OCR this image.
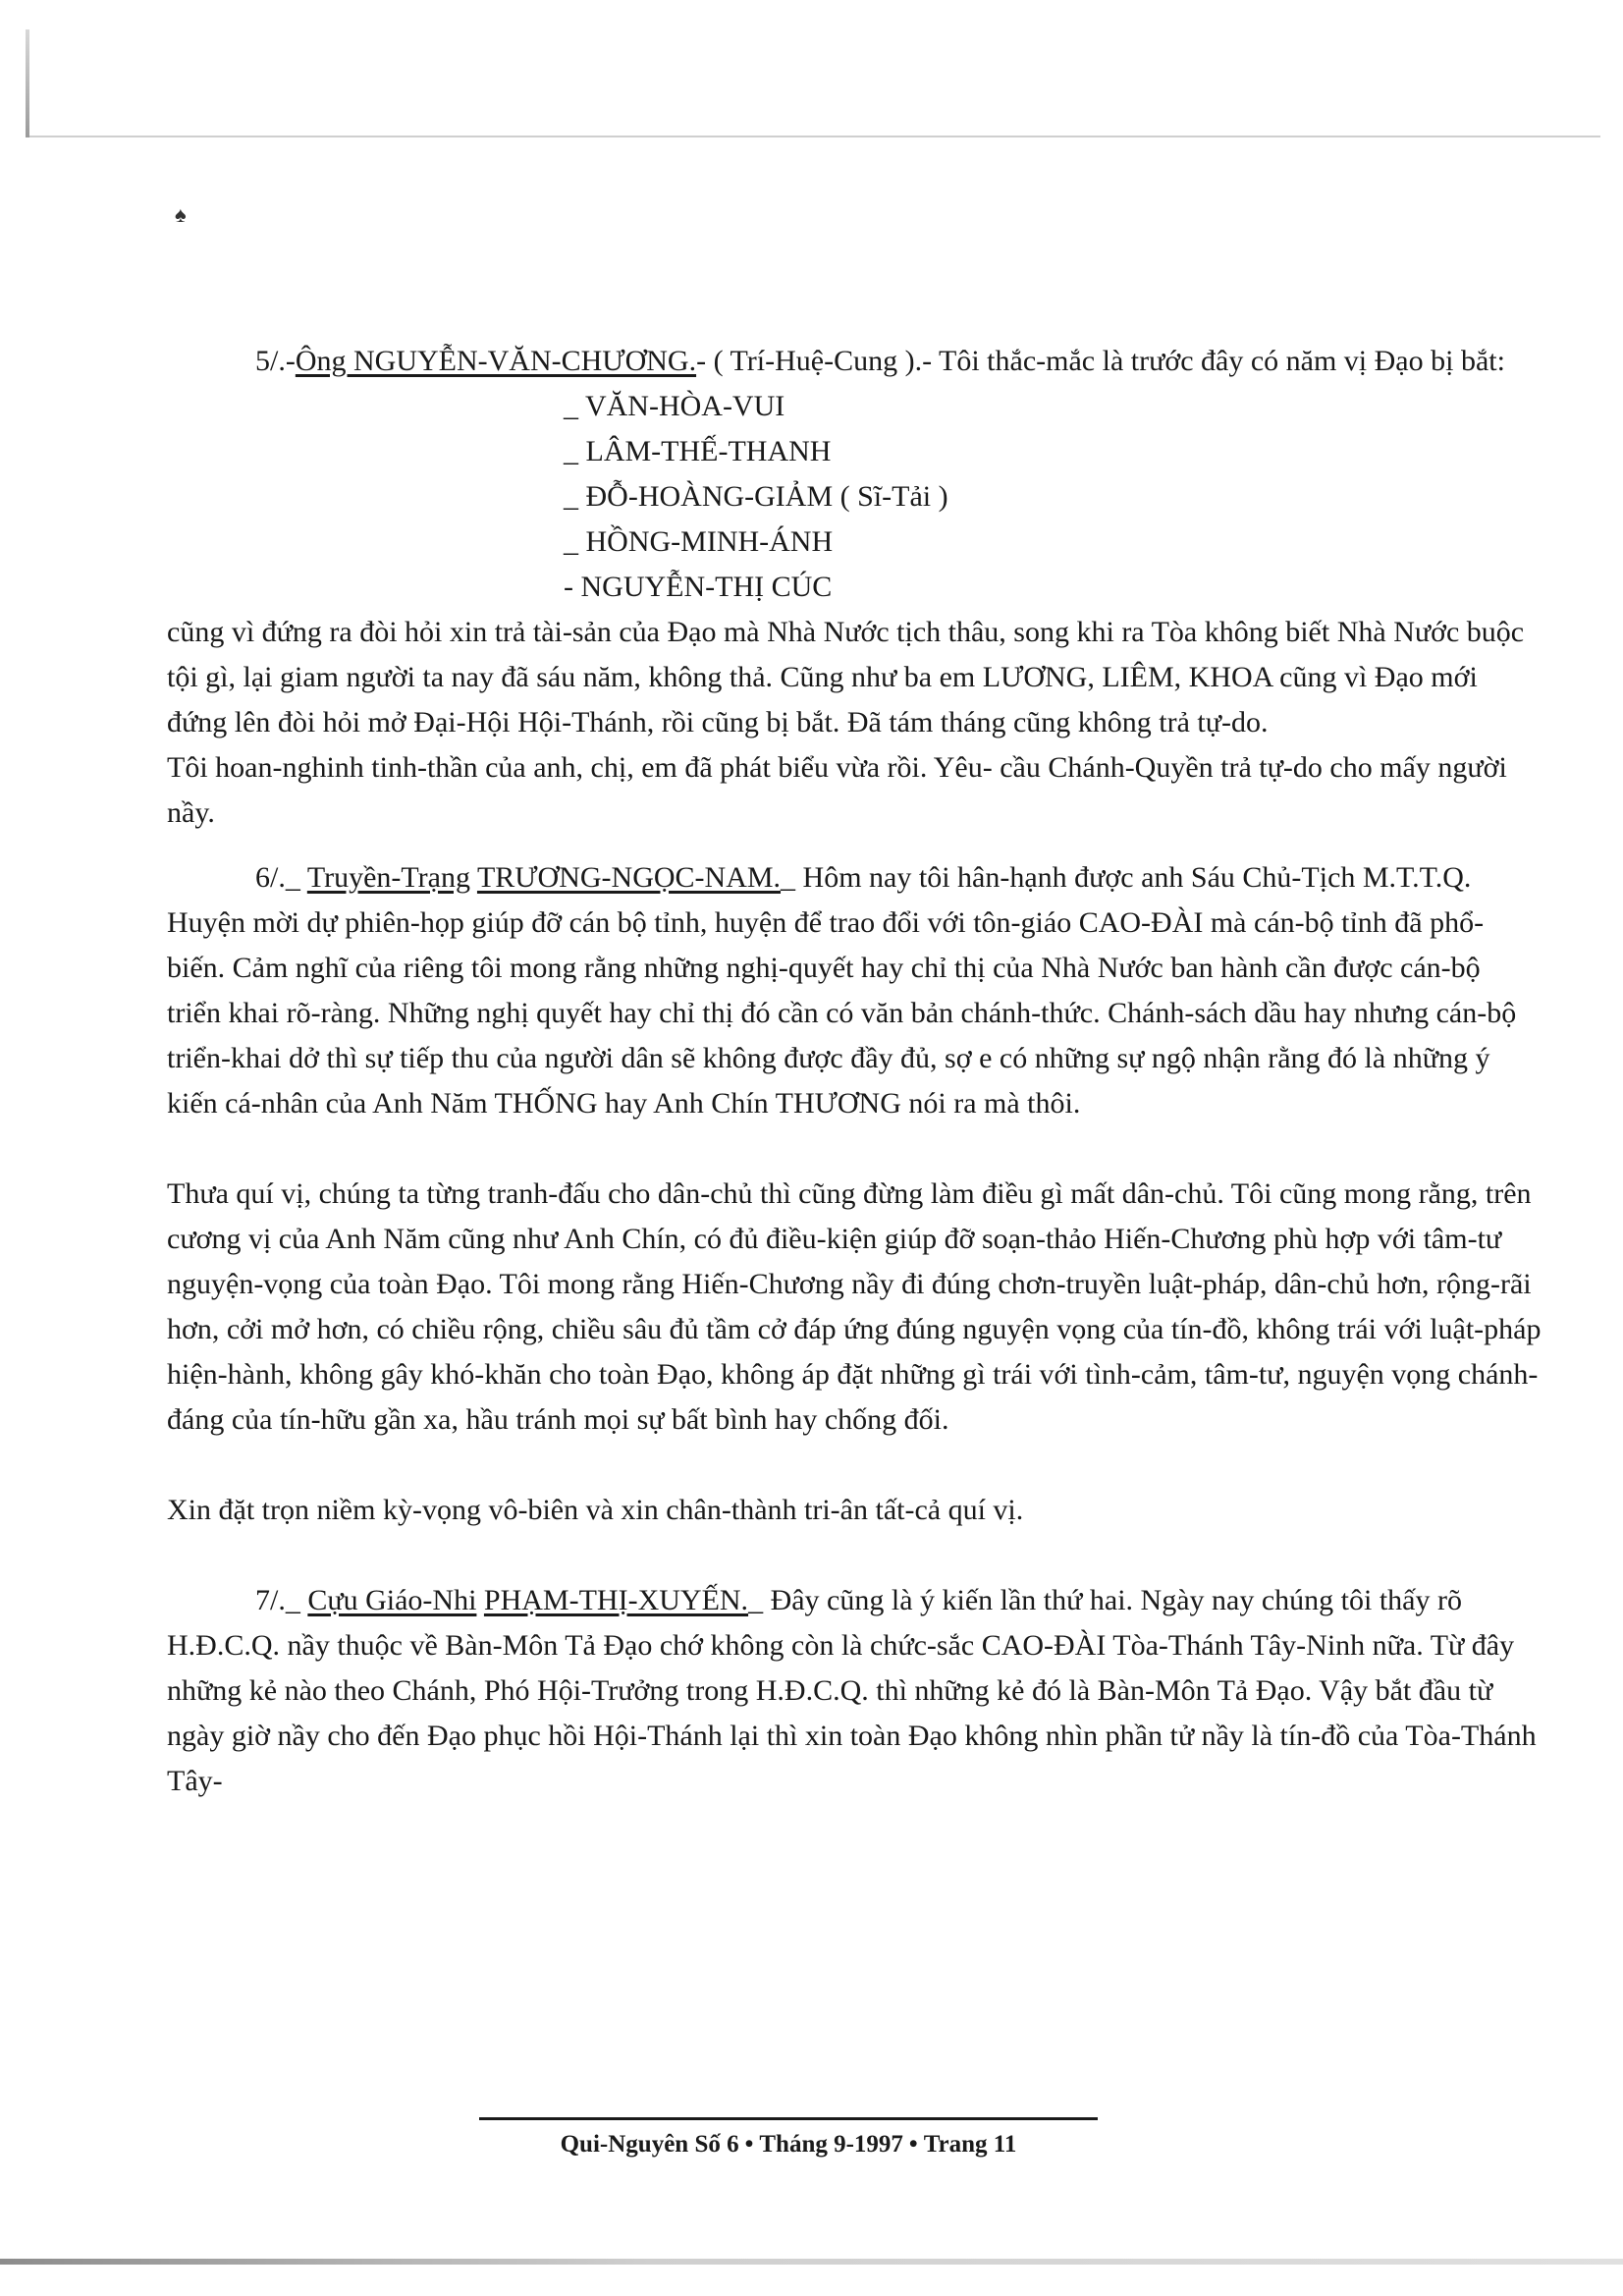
♠

5/.-Ông NGUYỄN-VĂN-CHƯƠNG.- ( Trí-Huệ-Cung ).- Tôi thắc-mắc là trước đây có năm vị Đạo bị bắt:

_ VĂN-HÒA-VUI
_ LÂM-THẾ-THANH
_ ĐỖ-HOÀNG-GIẢM ( Sĩ-Tải )
_ HỒNG-MINH-ÁNH
- NGUYỄN-THỊ CÚC

cũng vì đứng ra đòi hỏi xin trả tài-sản của Đạo mà Nhà Nước tịch thâu, song khi ra Tòa không biết Nhà Nước buộc tội gì, lại giam người ta nay đã sáu năm, không thả. Cũng như ba em LƯƠNG, LIÊM, KHOA cũng vì Đạo mới đứng lên đòi hỏi mở Đại-Hội Hội-Thánh, rồi cũng bị bắt. Đã tám tháng cũng không trả tự-do.

Tôi hoan-nghinh tinh-thần của anh, chị, em đã phát biểu vừa rồi. Yêu- cầu Chánh-Quyền trả tự-do cho mấy người nầy.

6/._ Truyền-Trạng TRƯƠNG-NGỌC-NAM._ Hôm nay tôi hân-hạnh được anh Sáu Chủ-Tịch M.T.T.Q. Huyện mời dự phiên-họp giúp đỡ cán bộ tỉnh, huyện để trao đổi với tôn-giáo CAO-ĐÀI mà cán-bộ tỉnh đã phổ-biến. Cảm nghĩ của riêng tôi mong rằng những nghị-quyết hay chỉ thị của Nhà Nước ban hành cần được cán-bộ triển khai rõ-ràng. Những nghị quyết hay chỉ thị đó cần có văn bản chánh-thức. Chánh-sách dầu hay nhưng cán-bộ triển-khai dở thì sự tiếp thu của người dân sẽ không được đầy đủ, sợ e có những sự ngộ nhận rằng đó là những ý kiến cá-nhân của Anh Năm THỐNG hay Anh Chín THƯƠNG nói ra mà thôi.

Thưa quí vị, chúng ta từng tranh-đấu cho dân-chủ thì cũng đừng làm điều gì mất dân-chủ. Tôi cũng mong rằng, trên cương vị của Anh Năm cũng như Anh Chín, có đủ điều-kiện giúp đỡ soạn-thảo Hiến-Chương phù hợp với tâm-tư nguyện-vọng của toàn Đạo. Tôi mong rằng Hiến-Chương nầy đi đúng chơn-truyền luật-pháp, dân-chủ hơn, rộng-rãi hơn, cởi mở hơn, có chiều rộng, chiều sâu đủ tầm cở đáp ứng đúng nguyện vọng của tín-đồ, không trái với luật-pháp hiện-hành, không gây khó-khăn cho toàn Đạo, không áp đặt những gì trái với tình-cảm, tâm-tư, nguyện vọng chánh-đáng của tín-hữu gần xa, hầu tránh mọi sự bất bình hay chống đối.

Xin đặt trọn niềm kỳ-vọng vô-biên và xin chân-thành tri-ân tất-cả quí vị.

7/._ Cựu Giáo-Nhi PHẠM-THỊ-XUYẾN._ Đây cũng là ý kiến lần thứ hai. Ngày nay chúng tôi thấy rõ H.Đ.C.Q. nầy thuộc về Bàn-Môn Tả Đạo chớ không còn là chức-sắc CAO-ĐÀI Tòa-Thánh Tây-Ninh nữa. Từ đây những kẻ nào theo Chánh, Phó Hội-Trưởng trong H.Đ.C.Q. thì những kẻ đó là Bàn-Môn Tả Đạo. Vậy bắt đầu từ ngày giờ nầy cho đến Đạo phục hồi Hội-Thánh lại thì xin toàn Đạo không nhìn phần tử nầy là tín-đồ của Tòa-Thánh Tây-

Qui-Nguyên Số 6 • Tháng 9-1997 • Trang 11
